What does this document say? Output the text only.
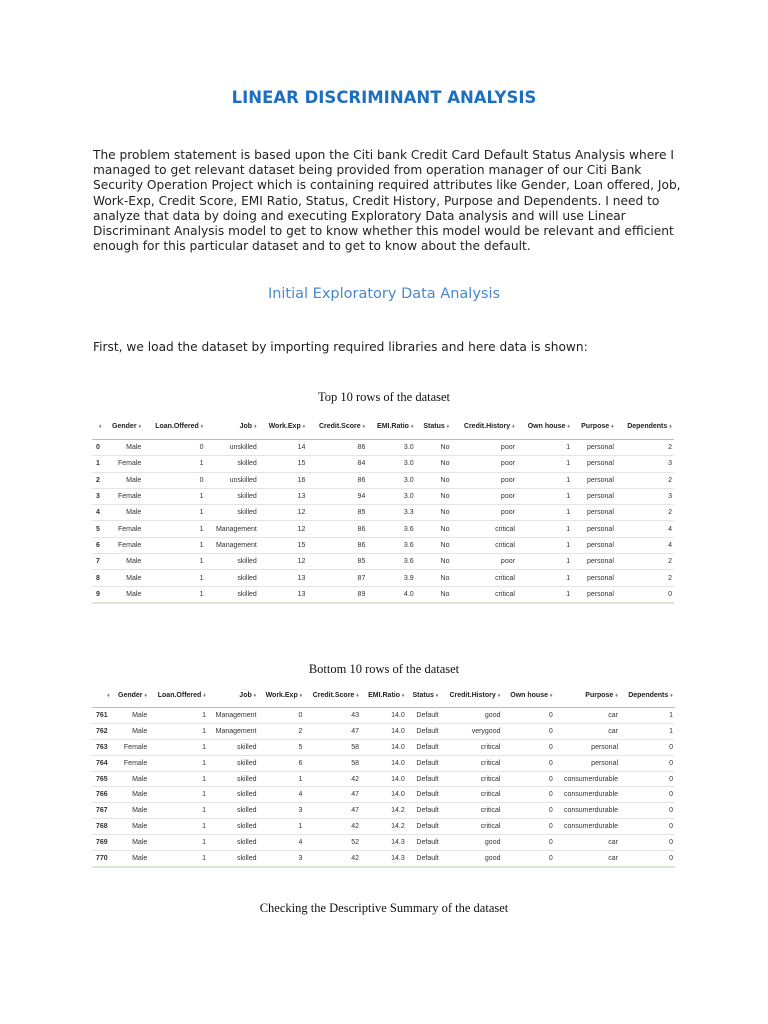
LINEAR DISCRIMINANT ANALYSIS
The problem statement is based upon the Citi bank Credit Card Default Status Analysis where I managed to get relevant dataset being provided from operation manager of our Citi Bank Security Operation Project which is containing required attributes like Gender, Loan offered, Job, Work-Exp, Credit Score, EMI Ratio, Status, Credit History, Purpose and Dependents. I need to analyze that data by doing and executing Exploratory Data analysis and will use Linear Discriminant Analysis model to get to know whether this model would be relevant and efficient enough for this particular dataset and to get to know about the default.
Initial Exploratory Data Analysis
First, we load the dataset by importing required libraries and here data is shown:
Top 10 rows of the dataset
♦	Gender ♦	Loan.Offered ♦	Job ♦	Work.Exp ♦	Credit.Score ♦	EMI.Ratio ♦	Status ♦	Credit.History ♦	Own house ♦	Purpose ♦	Dependents ♦
0	Male	0	unskilled	14	86	3.0	No	poor	1	personal	2
1	Female	1	skilled	15	84	3.0	No	poor	1	personal	3
2	Male	0	unskilled	16	86	3.0	No	poor	1	personal	2
3	Female	1	skilled	13	94	3.0	No	poor	1	personal	3
4	Male	1	skilled	12	85	3.3	No	poor	1	personal	2
5	Female	1	Management	12	86	3.6	No	critical	1	personal	4
6	Female	1	Management	15	86	3.6	No	critical	1	personal	4
7	Male	1	skilled	12	85	3.6	No	poor	1	personal	2
8	Male	1	skilled	13	87	3.9	No	critical	1	personal	2
9	Male	1	skilled	13	89	4.0	No	critical	1	personal	0
Bottom 10 rows of the dataset
♦	Gender ♦	Loan.Offered ♦	Job ♦	Work.Exp ♦	Credit.Score ♦	EMI.Ratio ♦	Status ♦	Credit.History ♦	Own house ♦	Purpose ♦	Dependents ♦
761	Male	1	Management	0	43	14.0	Default	good	0	car	1
762	Male	1	Management	2	47	14.0	Default	verygood	0	car	1
763	Female	1	skilled	5	58	14.0	Default	critical	0	personal	0
764	Female	1	skilled	6	58	14.0	Default	critical	0	personal	0
765	Male	1	skilled	1	42	14.0	Default	critical	0	consumerdurable	0
766	Male	1	skilled	4	47	14.0	Default	critical	0	consumerdurable	0
767	Male	1	skilled	3	47	14.2	Default	critical	0	consumerdurable	0
768	Male	1	skilled	1	42	14.2	Default	critical	0	consumerdurable	0
769	Male	1	skilled	4	52	14.3	Default	good	0	car	0
770	Male	1	skilled	3	42	14.3	Default	good	0	car	0
Checking the Descriptive Summary of the dataset
